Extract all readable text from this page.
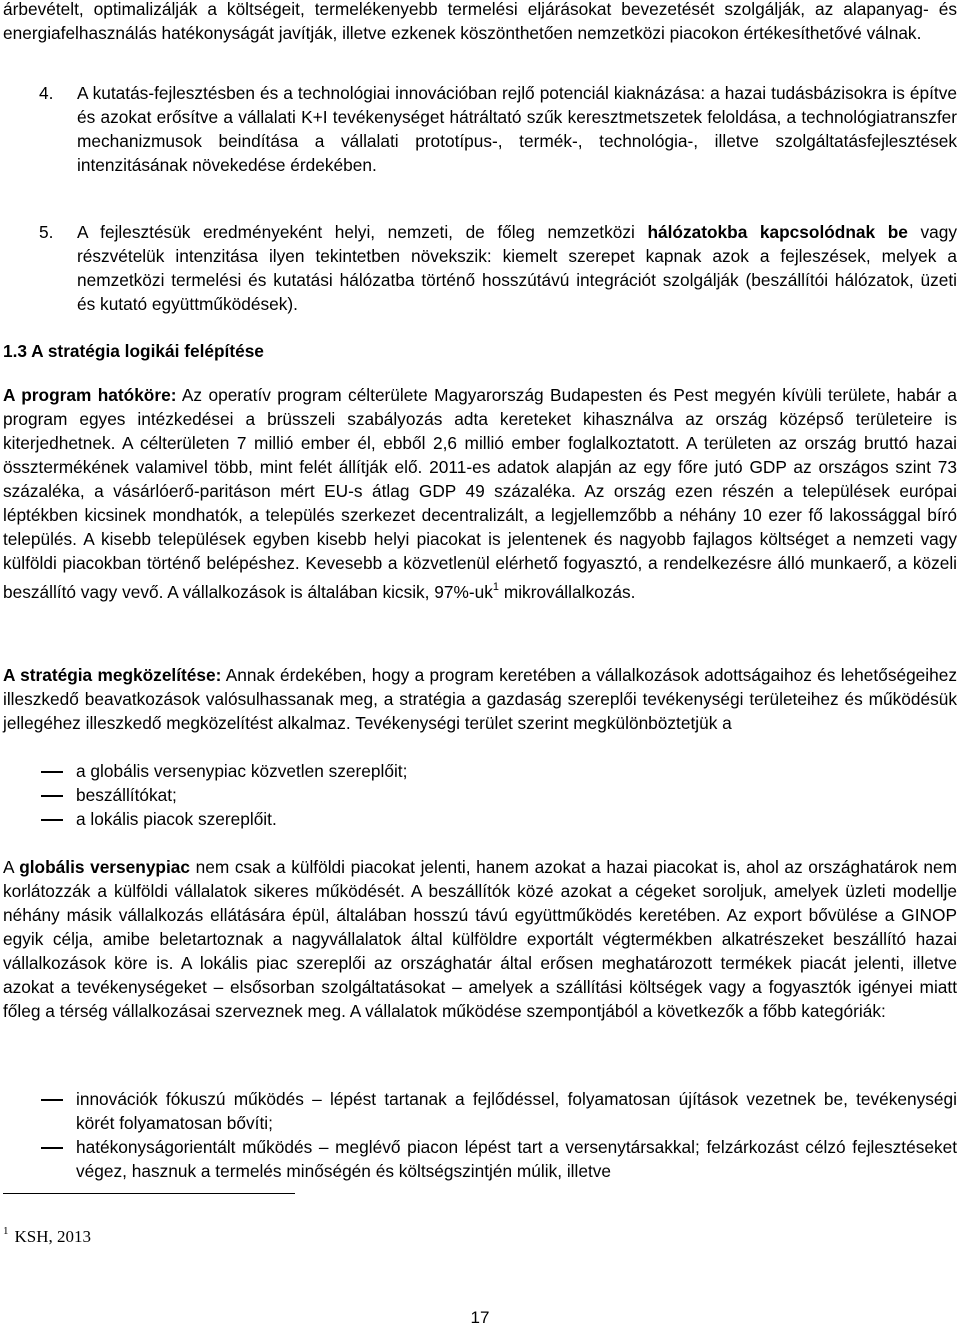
árbevételt, optimalizálják a költségeit, termelékenyebb termelési eljárásokat bevezetését szolgálják, az alapanyag- és energiafelhasználás hatékonyságát javítják, illetve ezkenek köszönthetően nemzetközi piacokon értékesíthetővé válnak.
4.	A kutatás-fejlesztésben és a technológiai innovációban rejlő potenciál kiaknázása: a hazai tudásbázisokra is építve és azokat erősítve a vállalati K+I tevékenységet hátráltató szűk keresztmetszetek feloldása, a technológiatranszfer mechanizmusok beindítása a vállalati prototípus-, termék-, technológia-, illetve szolgáltatásfejlesztések intenzitásának növekedése érdekében.
5.	A fejlesztésük eredményeként helyi, nemzeti, de főleg nemzetközi hálózatokba kapcsolódnak be vagy részvételük intenzitása ilyen tekintetben növekszik: kiemelt szerepet kapnak azok a fejleszések, melyek a nemzetközi termelési és kutatási hálózatba történő hosszútávú integrációt szolgálják (beszállítói hálózatok, üzeti és kutató együttműködések).
1.3 A stratégia logikái felépítése
A program hatóköre: Az operatív program célterülete Magyarország Budapesten és Pest megyén kívüli területe, habár a program egyes intézkedései a brüsszeli szabályozás adta kereteket kihasználva az ország középső területeire is kiterjedhetnek. A célterületen 7 millió ember él, ebből 2,6 millió ember foglalkoztatott. A területen az ország bruttó hazai össztermékének valamivel több, mint felét állítják elő. 2011-es adatok alapján az egy főre jutó GDP az országos szint 73 százaléka, a vásárlóerő-paritáson mért EU-s átlag GDP 49 százaléka. Az ország ezen részén a települések európai léptékben kicsinek mondhatók, a település szerkezet decentralizált, a legjellemzőbb a néhány 10 ezer fő lakossággal bíró település. A kisebb települések egyben kisebb helyi piacokat is jelentenek és nagyobb fajlagos költséget a nemzeti vagy külföldi piacokban történő belépéshez. Kevesebb a közvetlenül elérhető fogyasztó, a rendelkezésre álló munkaerő, a közeli beszállító vagy vevő. A vállalkozások is általában kicsik, 97%-uk$^1$ mikrovállalkozás.
A stratégia megközelítése: Annak érdekében, hogy a program keretében a vállalkozások adottságaihoz és lehetőségeihez illeszkedő beavatkozások valósulhassanak meg, a stratégia a gazdaság szereplői tevékenységi területeihez és működésük jellegéhez illeszkedő megközelítést alkalmaz. Tevékenységi terület szerint megkülönböztetjük a
a globális versenypiac közvetlen szereplőit;
beszállítókat;
a lokális piacok szereplőit.
A globális versenypiac nem csak a külföldi piacokat jelenti, hanem azokat a hazai piacokat is, ahol az országhatárok nem korlátozzák a külföldi vállalatok sikeres működését. A beszállítók közé azokat a cégeket soroljuk, amelyek üzleti modellje néhány másik vállalkozás ellátására épül, általában hosszú távú együttműködés keretében. Az export bővülése a GINOP egyik célja, amibe beletartoznak a nagyvállalatok által külföldre exportált végtermékben alkatrészeket beszállító hazai vállalkozások köre is. A lokális piac szereplői az országhatár által erősen meghatározott termékek piacát jelenti, illetve azokat a tevékenységeket – elsősorban szolgáltatásokat – amelyek a szállítási költségek vagy a fogyasztók igényei miatt főleg a térség vállalkozásai szerveznek meg. A vállalatok működése szempontjából a következők a főbb kategóriák:
innovációk fókuszú működés – lépést tartanak a fejlődéssel, folyamatosan újítások vezetnek be, tevékenységi körét folyamatosan bővíti;
hatékonyságorientált működés – meglévő piacon lépést tart a versenytársakkal; felzárkozást célzó fejlesztéseket végez, hasznuk a termelés minőségén és költségszintjén múlik, illetve
$^1$ KSH, 2013
17
